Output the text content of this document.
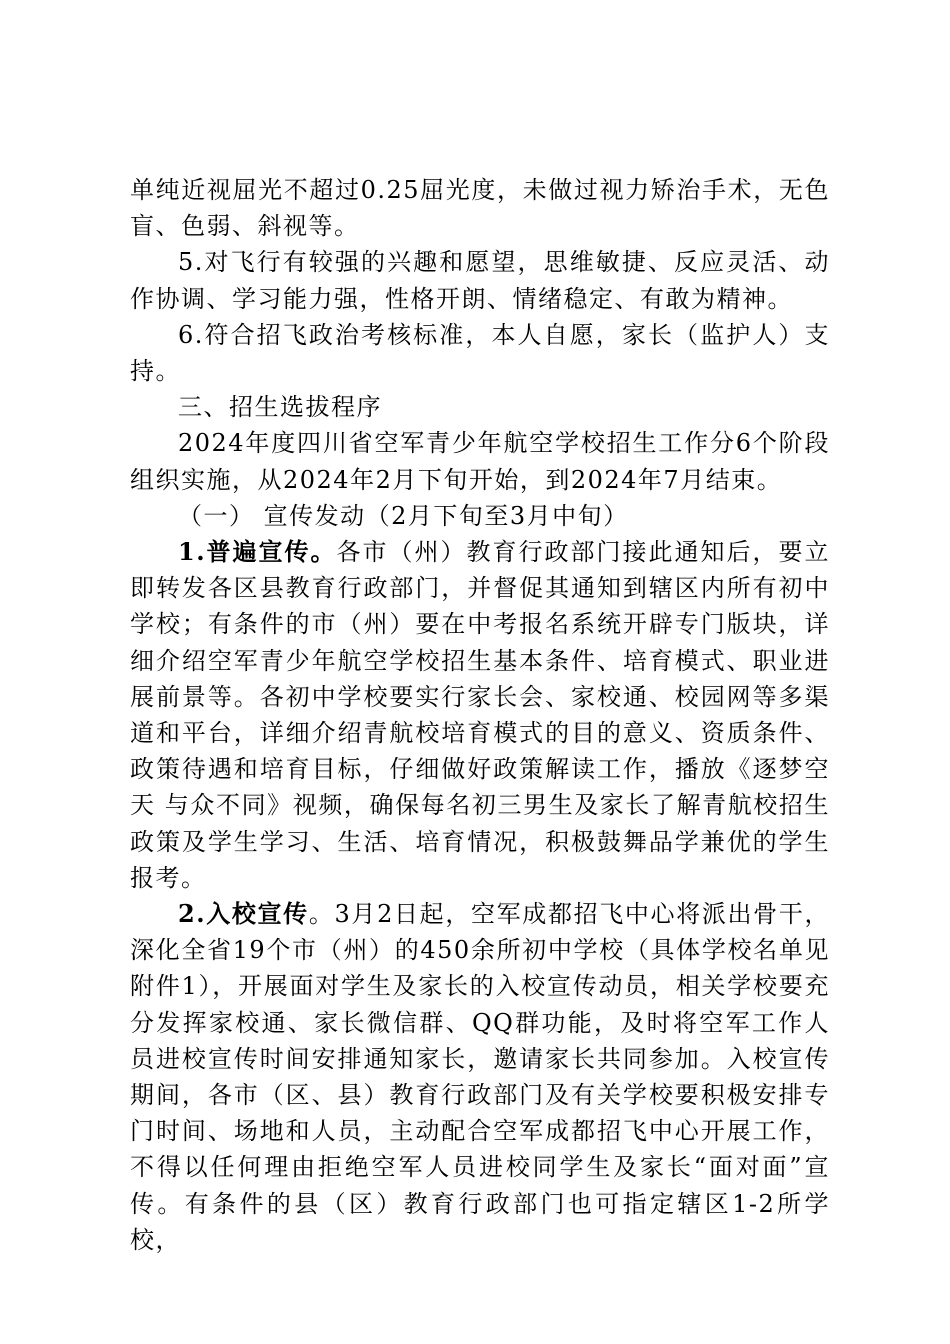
单纯近视屈光不超过0.25屈光度，未做过视力矫治手术，无色盲、色弱、斜视等。

5.对飞行有较强的兴趣和愿望，思维敏捷、反应灵活、动作协调、学习能力强，性格开朗、情绪稳定、有敢为精神。

6.符合招飞政治考核标准，本人自愿，家长（监护人）支持。

三、招生选拔程序

2024年度四川省空军青少年航空学校招生工作分6个阶段组织实施，从2024年2月下旬开始，到2024年7月结束。

（一） 宣传发动（2月下旬至3月中旬）

1.普遍宣传。各市（州）教育行政部门接此通知后，要立即转发各区县教育行政部门，并督促其通知到辖区内所有初中学校；有条件的市（州）要在中考报名系统开辟专门版块，详细介绍空军青少年航空学校招生基本条件、培育模式、职业进展前景等。各初中学校要实行家长会、家校通、校园网等多渠道和平台，详细介绍青航校培育模式的目的意义、资质条件、政策待遇和培育目标，仔细做好政策解读工作，播放《逐梦空天 与众不同》视频，确保每名初三男生及家长了解青航校招生政策及学生学习、生活、培育情况，积极鼓舞品学兼优的学生报考。

2.入校宣传。3月2日起，空军成都招飞中心将派出骨干，深化全省19个市（州）的450余所初中学校（具体学校名单见附件1），开展面对学生及家长的入校宣传动员，相关学校要充分发挥家校通、家长微信群、QQ群功能，及时将空军工作人员进校宣传时间安排通知家长，邀请家长共同参加。入校宣传期间，各市（区、县）教育行政部门及有关学校要积极安排专门时间、场地和人员，主动配合空军成都招飞中心开展工作，不得以任何理由拒绝空军人员进校同学生及家长“面对面”宣传。有条件的县（区）教育行政部门也可指定辖区1-2所学校，
